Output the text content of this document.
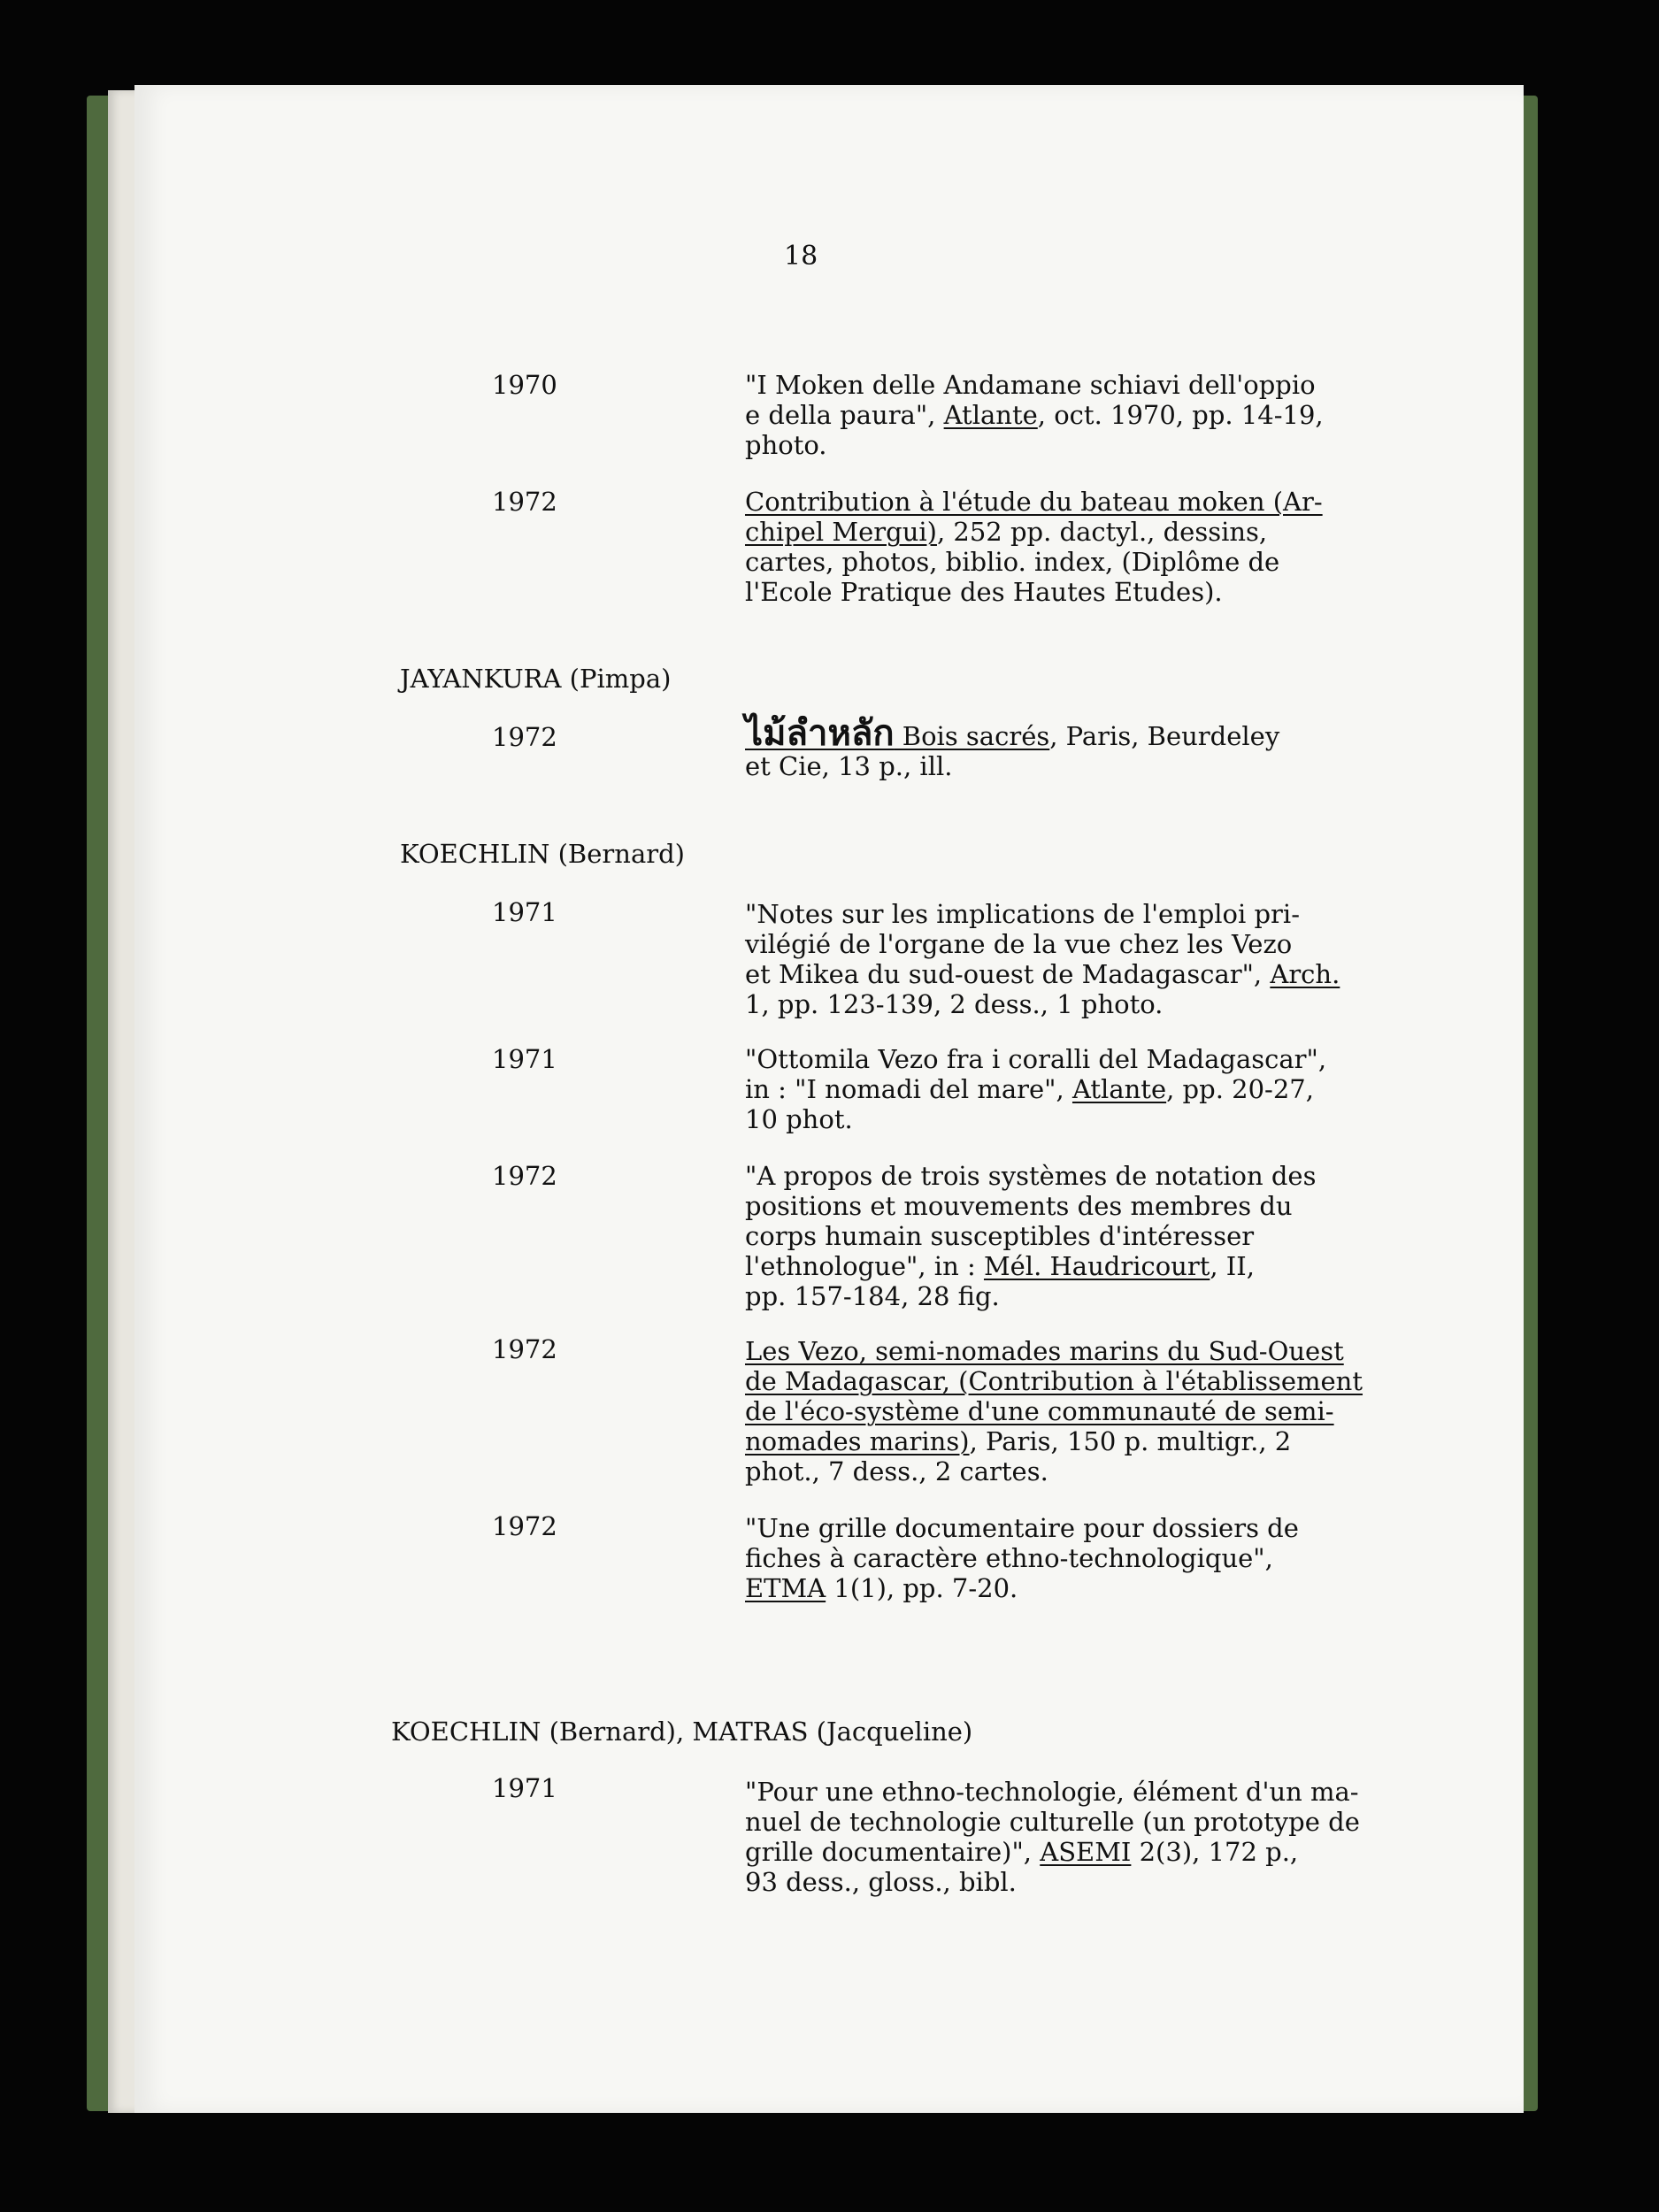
18
1970	"I Moken delle Andamane schiavi dell'oppio
e della paura", Atlante, oct. 1970, pp. 14-19,
photo.
1972	Contribution à l'étude du bateau moken (Ar-
chipel Mergui), 252 pp. dactyl., dessins,
cartes, photos, biblio. index, (Diplôme de
l'Ecole Pratique des Hautes Etudes).
JAYANKURA (Pimpa)
1972	ไม้ลำหลัก Bois sacrés, Paris, Beurdeley
et Cie, 13 p., ill.
KOECHLIN (Bernard)
1971	"Notes sur les implications de l'emploi pri-
vilégié de l'organe de la vue chez les Vezo
et Mikea du sud-ouest de Madagascar", Arch.
1, pp. 123-139, 2 dess., 1 photo.
1971	"Ottomila Vezo fra i coralli del Madagascar",
in : "I nomadi del mare", Atlante, pp. 20-27,
10 phot.
1972	"A propos de trois systèmes de notation des
positions et mouvements des membres du
corps humain susceptibles d'intéresser
l'ethnologue", in : Mél. Haudricourt, II,
pp. 157-184, 28 fig.
1972	Les Vezo, semi-nomades marins du Sud-Ouest
de Madagascar, (Contribution à l'établissement
de l'éco-système d'une communauté de semi-
nomades marins), Paris, 150 p. multigr., 2
phot., 7 dess., 2 cartes.
1972	"Une grille documentaire pour dossiers de
fiches à caractère ethno-technologique",
ETMA 1(1), pp. 7-20.
KOECHLIN (Bernard), MATRAS (Jacqueline)
1971	"Pour une ethno-technologie, élément d'un ma-
nuel de technologie culturelle (un prototype de
grille documentaire)", ASEMI 2(3), 172 p.,
93 dess., gloss., bibl.
